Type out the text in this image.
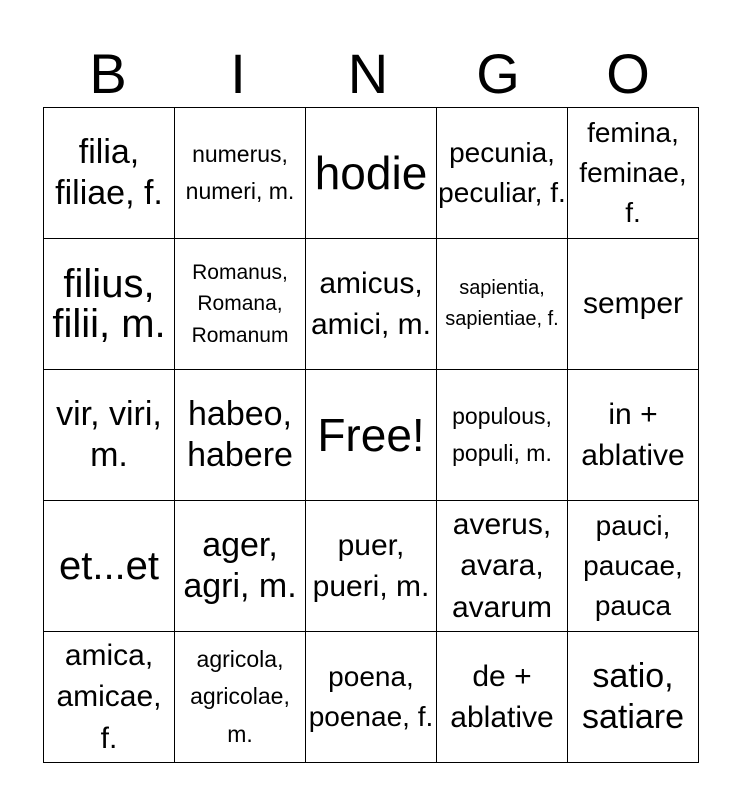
B	I	N	G	O
filia, filiae, f.	numerus, numeri, m.	hodie	pecunia, peculiar, f.	femina, feminae, f.

filius, filii, m.	Romanus, Romana, Romanum	amicus, amici, m.	sapientia, sapientiae, f.	semper

vir, viri, m.	habeo, habere	Free!	populous, populi, m.	in + ablative

et...et	ager, agri, m.	puer, pueri, m.	averus, avara, avarum	pauci, paucae, pauca

amica, amicae, f.	agricola, agricolae, m.	poena, poenae, f.	de + ablative	satio, satiare
